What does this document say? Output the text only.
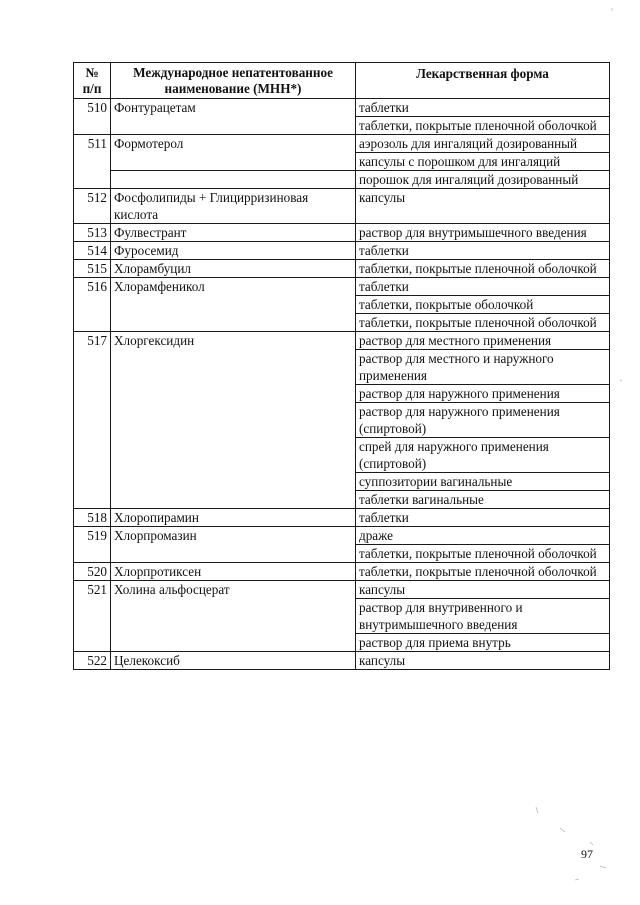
№
п/п	Международное непатентованное наименование (МНН*)	Лекарственная форма
510	Фонтурацетам	таблетки
		таблетки, покрытые пленочной оболочкой
511	Формотерол	аэрозоль для ингаляций дозированный
		капсулы с порошком для ингаляций
		порошок для ингаляций дозированный
512	Фосфолипиды + Глицирризиновая кислота	капсулы
513	Фулвестрант	раствор для внутримышечного введения
514	Фуросемид	таблетки
515	Хлорамбуцил	таблетки, покрытые пленочной оболочкой
516	Хлорамфеникол	таблетки
		таблетки, покрытые оболочкой
		таблетки, покрытые пленочной оболочкой
517	Хлоргексидин	раствор для местного применения
		раствор для местного и наружного применения
		раствор для наружного применения
		раствор для наружного применения (спиртовой)
		спрей для наружного применения (спиртовой)
		суппозитории вагинальные
		таблетки вагинальные
518	Хлоропирамин	таблетки
519	Хлорпромазин	драже
		таблетки, покрытые пленочной оболочкой
520	Хлорпротиксен	таблетки, покрытые пленочной оболочкой
521	Холина альфосцерат	капсулы
		раствор для внутривенного и внутримышечного введения
		раствор для приема внутрь
522	Целекоксиб	капсулы
97
